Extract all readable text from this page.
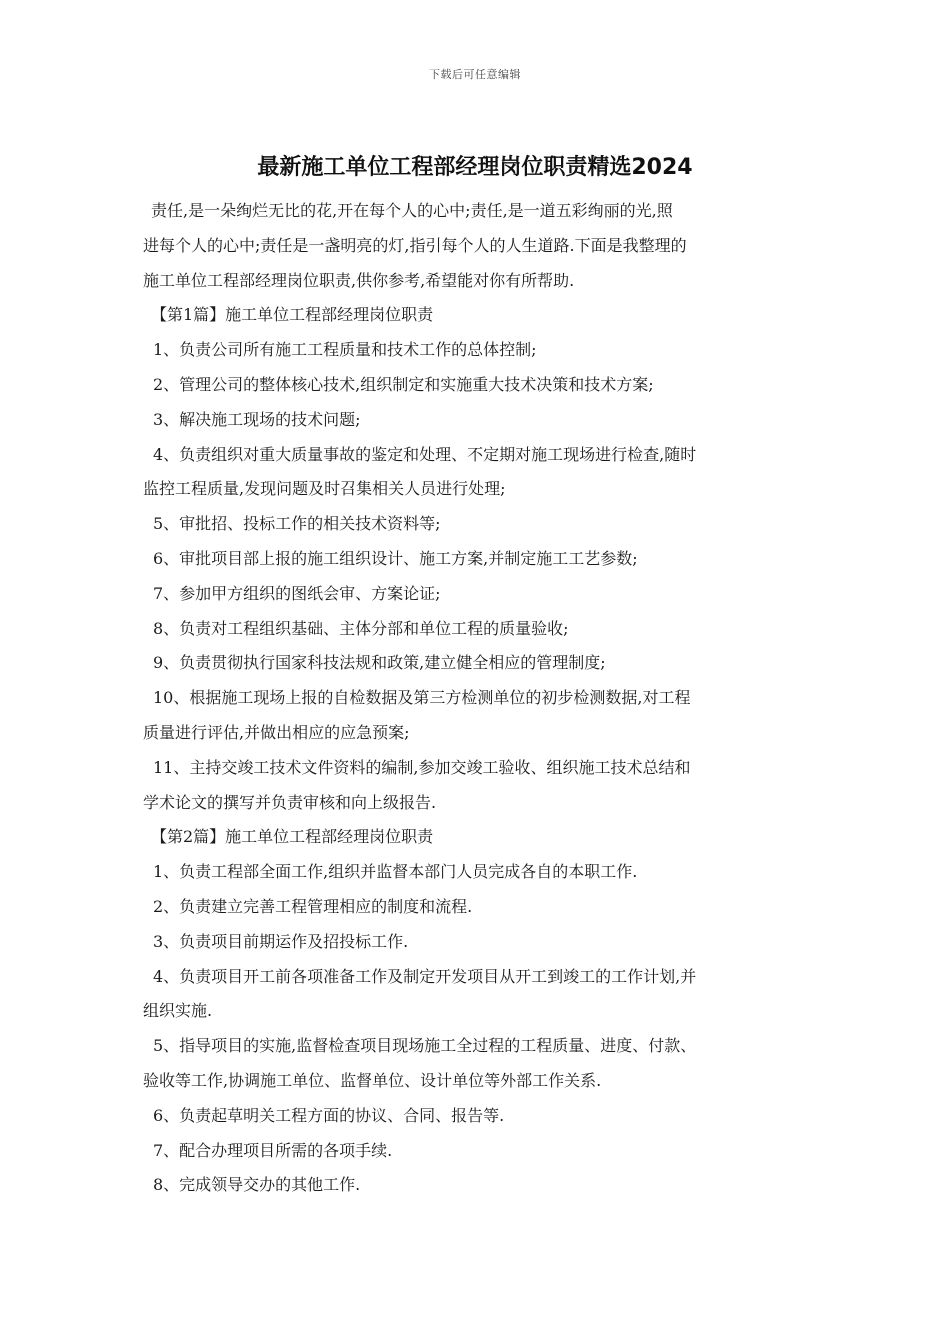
下载后可任意编辑
最新施工单位工程部经理岗位职责精选2024
责任,是一朵绚烂无比的花,开在每个人的心中;责任,是一道五彩绚丽的光,照
进每个人的心中;责任是一盏明亮的灯,指引每个人的人生道路.下面是我整理的
施工单位工程部经理岗位职责,供你参考,希望能对你有所帮助.
【第1篇】施工单位工程部经理岗位职责
1、负责公司所有施工工程质量和技术工作的总体控制;
2、管理公司的整体核心技术,组织制定和实施重大技术决策和技术方案;
3、解决施工现场的技术问题;
4、负责组织对重大质量事故的鉴定和处理、不定期对施工现场进行检查,随时
监控工程质量,发现问题及时召集相关人员进行处理;
5、审批招、投标工作的相关技术资料等;
6、审批项目部上报的施工组织设计、施工方案,并制定施工工艺参数;
7、参加甲方组织的图纸会审、方案论证;
8、负责对工程组织基础、主体分部和单位工程的质量验收;
9、负责贯彻执行国家科技法规和政策,建立健全相应的管理制度;
10、根据施工现场上报的自检数据及第三方检测单位的初步检测数据,对工程
质量进行评估,并做出相应的应急预案;
11、主持交竣工技术文件资料的编制,参加交竣工验收、组织施工技术总结和
学术论文的撰写并负责审核和向上级报告.
【第2篇】施工单位工程部经理岗位职责
1、负责工程部全面工作,组织并监督本部门人员完成各自的本职工作.
2、负责建立完善工程管理相应的制度和流程.
3、负责项目前期运作及招投标工作.
4、负责项目开工前各项准备工作及制定开发项目从开工到竣工的工作计划,并
组织实施.
5、指导项目的实施,监督检查项目现场施工全过程的工程质量、进度、付款、
验收等工作,协调施工单位、监督单位、设计单位等外部工作关系.
6、负责起草明关工程方面的协议、合同、报告等.
7、配合办理项目所需的各项手续.
8、完成领导交办的其他工作.
